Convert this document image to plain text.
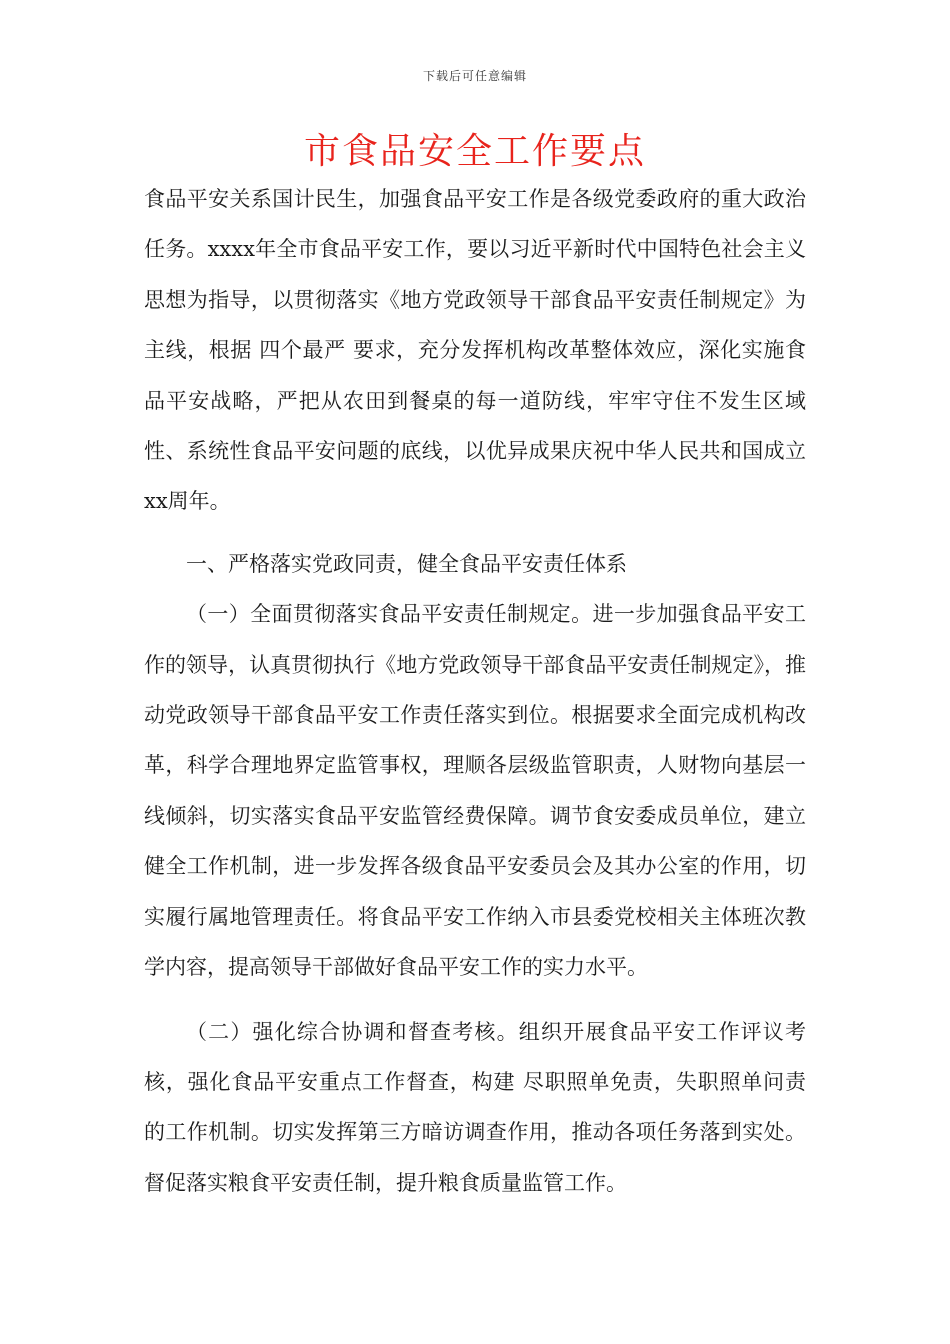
下载后可任意编辑
市食品安全工作要点

食品平安关系国计民生，加强食品平安工作是各级党委政府的重大政治任务。xxxx年全市食品平安工作，要以习近平新时代中国特色社会主义思想为指导，以贯彻落实《地方党政领导干部食品平安责任制规定》为主线，根据 四个最严 要求，充分发挥机构改革整体效应，深化实施食品平安战略，严把从农田到餐桌的每一道防线，牢牢守住不发生区域性、系统性食品平安问题的底线，以优异成果庆祝中华人民共和国成立xx周年。

一、严格落实党政同责，健全食品平安责任体系

（一）全面贯彻落实食品平安责任制规定。进一步加强食品平安工作的领导，认真贯彻执行《地方党政领导干部食品平安责任制规定》，推动党政领导干部食品平安工作责任落实到位。根据要求全面完成机构改革，科学合理地界定监管事权，理顺各层级监管职责，人财物向基层一线倾斜，切实落实食品平安监管经费保障。调节食安委成员单位，建立健全工作机制，进一步发挥各级食品平安委员会及其办公室的作用，切实履行属地管理责任。将食品平安工作纳入市县委党校相关主体班次教学内容，提高领导干部做好食品平安工作的实力水平。

（二）强化综合协调和督查考核。组织开展食品平安工作评议考核，强化食品平安重点工作督查，构建 尽职照单免责，失职照单问责 的工作机制。切实发挥第三方暗访调查作用，推动各项任务落到实处。督促落实粮食平安责任制，提升粮食质量监管工作。
